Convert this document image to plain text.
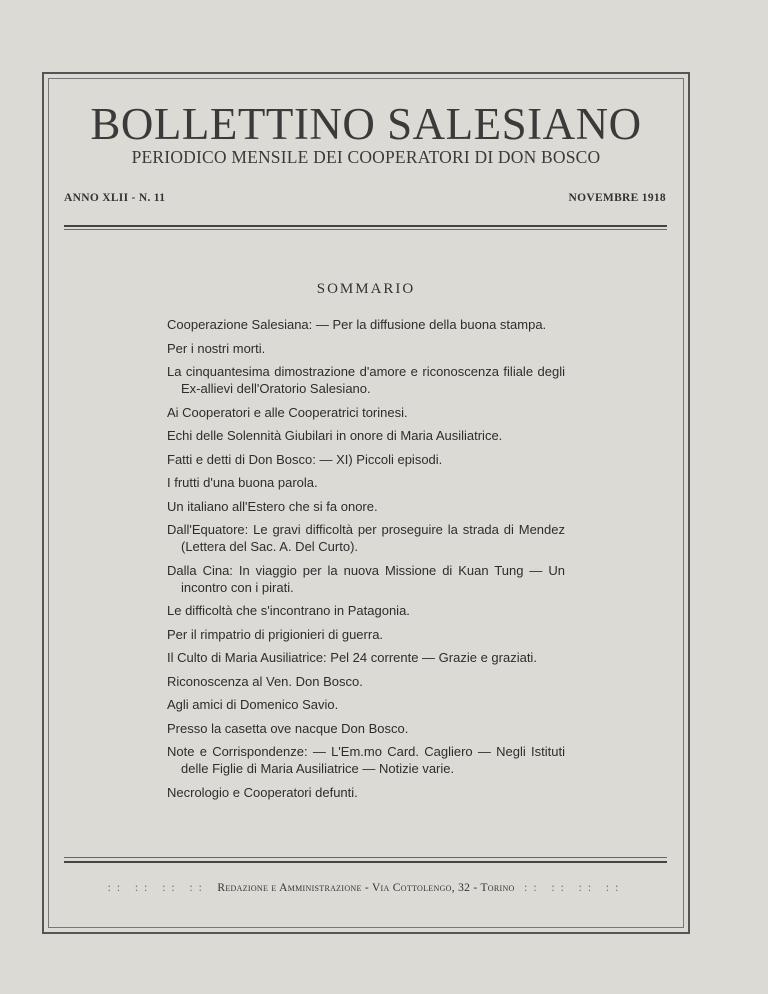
BOLLETTINO SALESIANO
PERIODICO MENSILE DEI COOPERATORI DI DON BOSCO
ANNO XLII - N. 11	NOVEMBRE 1918
SOMMARIO
Cooperazione Salesiana: — Per la diffusione della buona stampa.
Per i nostri morti.
La cinquantesima dimostrazione d'amore e riconoscenza filiale degli Ex-allievi dell'Oratorio Salesiano.
Ai Cooperatori e alle Cooperatrici torinesi.
Echi delle Solennità Giubilari in onore di Maria Ausiliatrice.
Fatti e detti di Don Bosco: — XI) Piccoli episodi.
I frutti d'una buona parola.
Un italiano all'Estero che si fa onore.
Dall'Equatore: Le gravi difficoltà per proseguire la strada di Mendez (Lettera del Sac. A. Del Curto).
Dalla Cina: In viaggio per la nuova Missione di Kuan Tung — Un incontro con i pirati.
Le difficoltà che s'incontrano in Patagonia.
Per il rimpatrio di prigionieri di guerra.
Il Culto di Maria Ausiliatrice: Pel 24 corrente — Grazie e graziati.
Riconoscenza al Ven. Don Bosco.
Agli amici di Domenico Savio.
Presso la casetta ove nacque Don Bosco.
Note e Corrispondenze: — L'Em.mo Card. Cagliero — Negli Istituti delle Figlie di Maria Ausiliatrice — Notizie varie.
Necrologio e Cooperatori defunti.
:: :: :: :: Redazione e Amministrazione - Via Cottolengo, 32 - Torino :: :: :: ::
